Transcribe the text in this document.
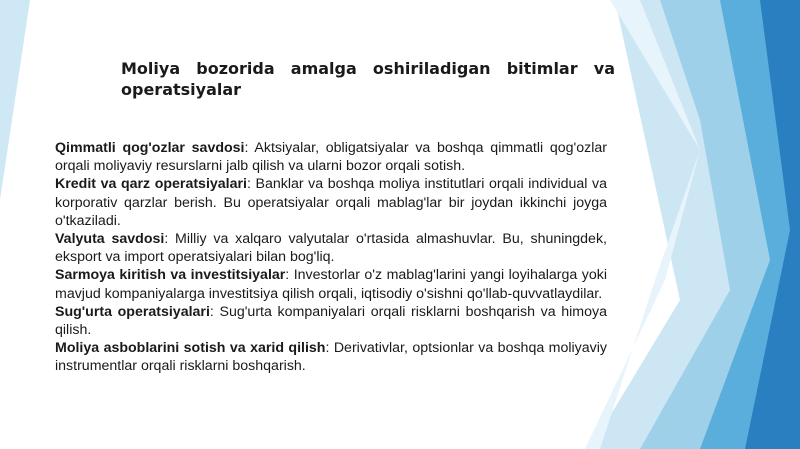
Moliya bozorida amalga oshiriladigan bitimlar va operatsiyalar

Qimmatli qog'ozlar savdosi: Aktsiyalar, obligatsiyalar va boshqa qimmatli qog'ozlar orqali moliyaviy resurslarni jalb qilish va ularni bozor orqali sotish.

Kredit va qarz operatsiyalari: Banklar va boshqa moliya institutlari orqali individual va korporativ qarzlar berish. Bu operatsiyalar orqali mablag'lar bir joydan ikkinchi joyga o'tkaziladi.

Valyuta savdosi: Milliy va xalqaro valyutalar o'rtasida almashuvlar. Bu, shuningdek, eksport va import operatsiyalari bilan bog'liq.

Sarmoya kiritish va investitsiyalar: Investorlar o'z mablag'larini yangi loyihalarga yoki mavjud kompaniyalarga investitsiya qilish orqali, iqtisodiy o'sishni qo'llab-quvvatlaydilar.

Sug'urta operatsiyalari: Sug'urta kompaniyalari orqali risklarni boshqarish va himoya qilish.

Moliya asboblarini sotish va xarid qilish: Derivativlar, optsionlar va boshqa moliyaviy instrumentlar orqali risklarni boshqarish.
